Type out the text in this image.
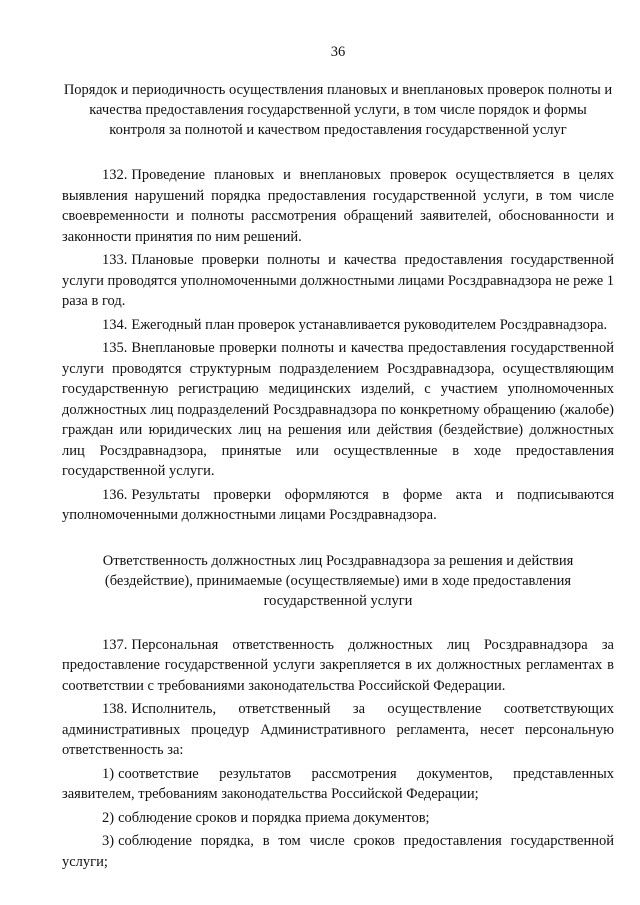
36

Порядок и периодичность осуществления плановых и внеплановых проверок полноты и качества предоставления государственной услуги, в том числе порядок и формы контроля за полнотой и качеством предоставления государственной услуг

132. Проведение плановых и внеплановых проверок осуществляется в целях выявления нарушений порядка предоставления государственной услуги, в том числе своевременности и полноты рассмотрения обращений заявителей, обоснованности и законности принятия по ним решений.

133. Плановые проверки полноты и качества предоставления государственной услуги проводятся уполномоченными должностными лицами Росздравнадзора не реже 1 раза в год.

134. Ежегодный план проверок устанавливается руководителем Росздравнадзора.

135. Внеплановые проверки полноты и качества предоставления государственной услуги проводятся структурным подразделением Росздравнадзора, осуществляющим государственную регистрацию медицинских изделий, с участием уполномоченных должностных лиц подразделений Росздравнадзора по конкретному обращению (жалобе) граждан или юридических лиц на решения или действия (бездействие) должностных лиц Росздравнадзора, принятые или осуществленные в ходе предоставления государственной услуги.

136. Результаты проверки оформляются в форме акта и подписываются уполномоченными должностными лицами Росздравнадзора.

Ответственность должностных лиц Росздравнадзора за решения и действия (бездействие), принимаемые (осуществляемые) ими в ходе предоставления государственной услуги

137. Персональная ответственность должностных лиц Росздравнадзора за предоставление государственной услуги закрепляется в их должностных регламентах в соответствии с требованиями законодательства Российской Федерации.

138. Исполнитель, ответственный за осуществление соответствующих административных процедур Административного регламента, несет персональную ответственность за:

1) соответствие результатов рассмотрения документов, представленных заявителем, требованиям законодательства Российской Федерации;

2) соблюдение сроков и порядка приема документов;

3) соблюдение порядка, в том числе сроков предоставления государственной услуги;
